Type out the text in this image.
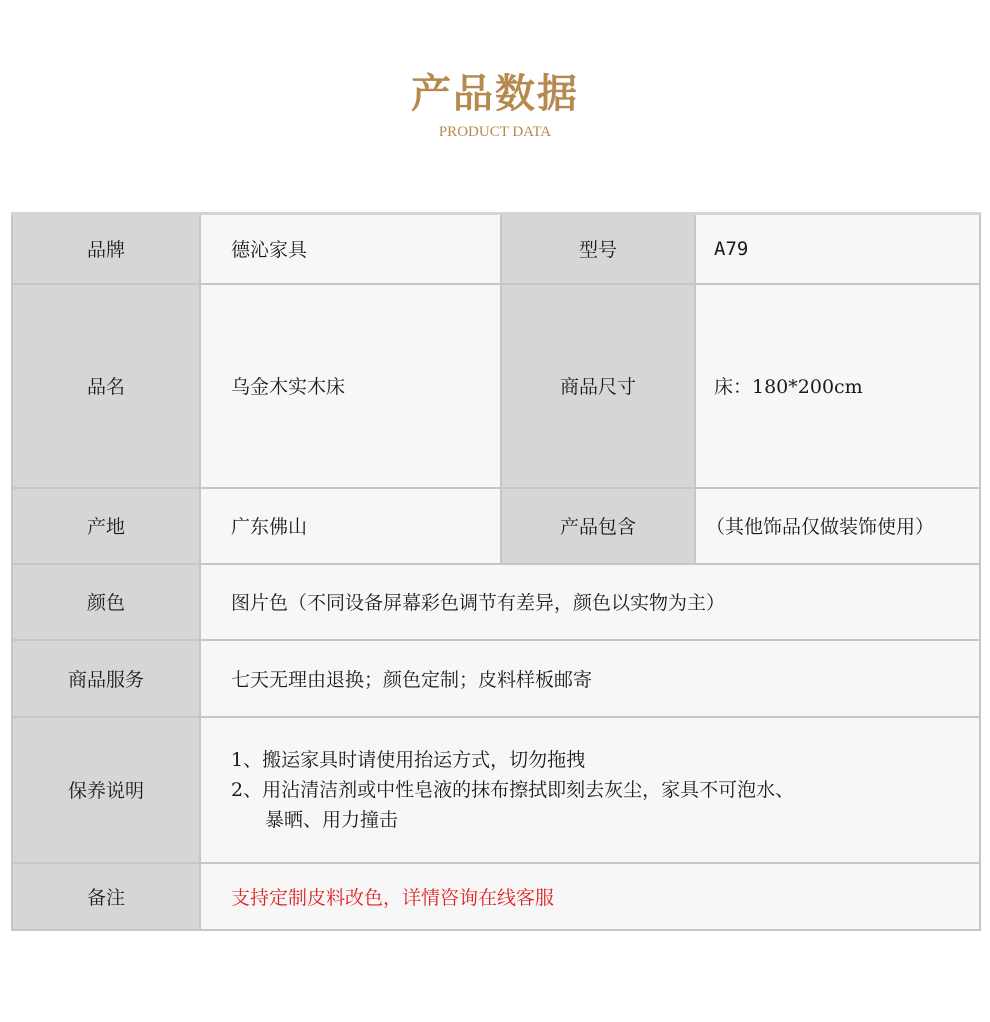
产品数据
PRODUCT DATA
品牌	德沁家具	型号	A79
品名	乌金木实木床	商品尺寸	床：180*200cm
产地	广东佛山	产品包含	（其他饰品仅做装饰使用）
颜色	图片色（不同设备屏幕彩色调节有差异，颜色以实物为主）		
商品服务	七天无理由退换；颜色定制；皮料样板邮寄		
保养说明	1、搬运家具时请使用抬运方式，切勿拖拽
2、用沾清洁剂或中性皂液的抹布擦拭即刻去灰尘，家具不可泡水、
暴晒、用力撞击		

备注	支持定制皮料改色，详情咨询在线客服		
